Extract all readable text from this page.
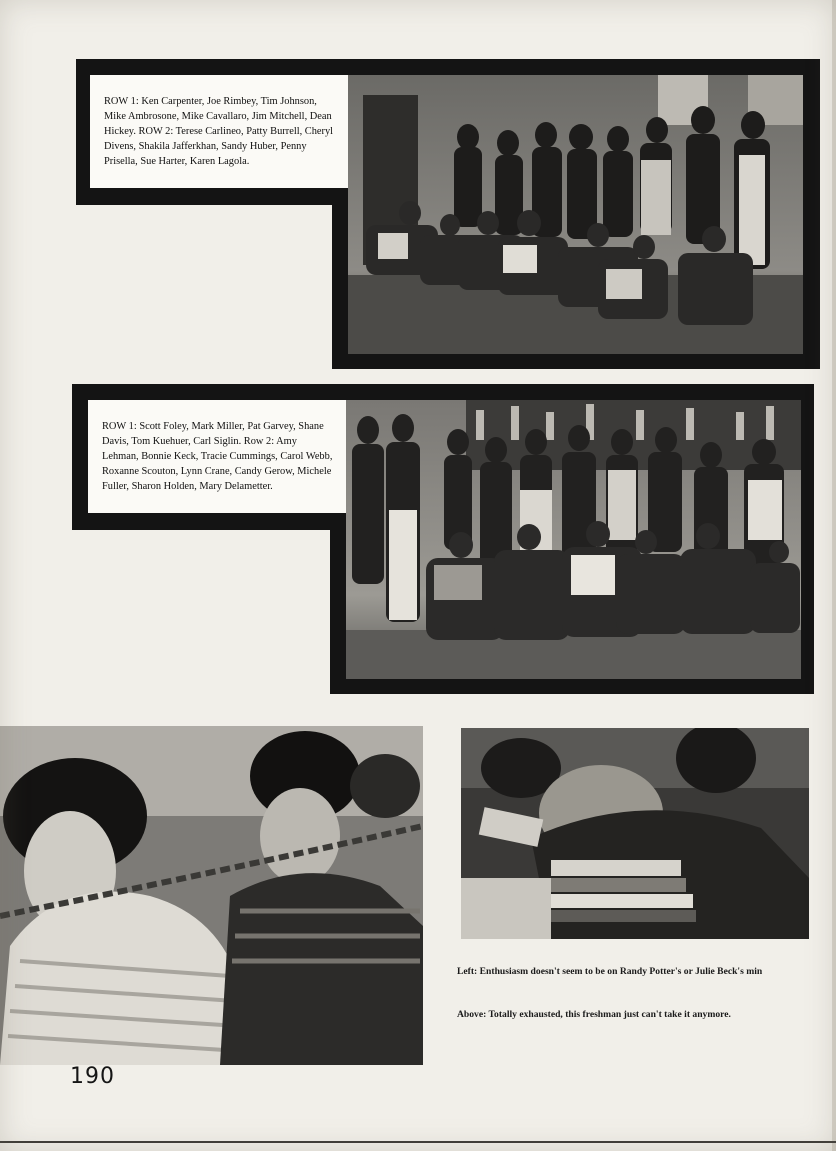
ROW 1: Ken Carpenter, Joe Rimbey, Tim Johnson, Mike Ambrosone, Mike Cavallaro, Jim Mitchell, Dean Hickey. ROW 2: Terese Carlineo, Patty Burrell, Cheryl Divens, Shakila Jafferkhan, Sandy Huber, Penny Prisella, Sue Harter, Karen Lagola.
ROW 1: Scott Foley, Mark Miller, Pat Garvey, Shane Davis, Tom Kuehuer, Carl Siglin. Row 2: Amy Lehman, Bonnie Keck, Tracie Cummings, Carol Webb, Roxanne Scouton, Lynn Crane, Candy Gerow, Michele Fuller, Sharon Holden, Mary Delametter.
Left: Enthusiasm doesn't seem to be on Randy Potter's or Julie Beck's min
Above: Totally exhausted, this freshman just can't take it anymore.
190
